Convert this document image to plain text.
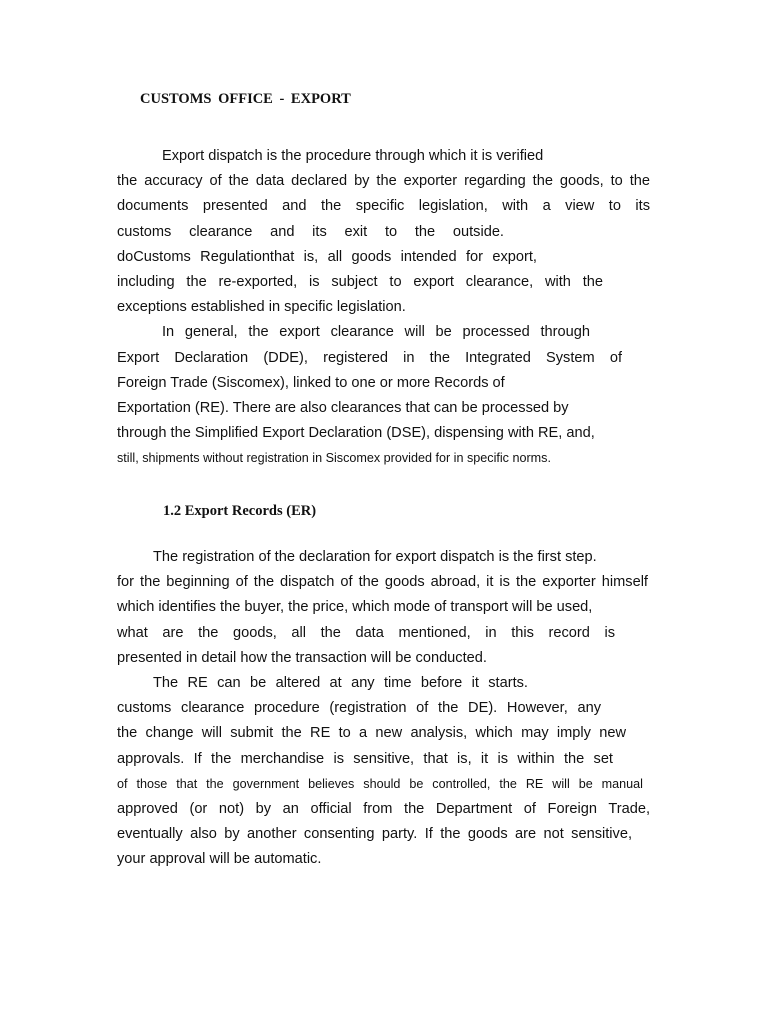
CUSTOMS OFFICE - EXPORT
Export dispatch is the procedure through which it is verified
the accuracy of the data declared by the exporter regarding the goods, to the
documents presented and the specific legislation, with a view to its
customs clearance and its exit to the outside.
doCustoms Regulationthat is, all goods intended for export,
including the re-exported, is subject to export clearance, with the
exceptions established in specific legislation.
In general, the export clearance will be processed through
Export Declaration (DDE), registered in the Integrated System of
Foreign Trade (Siscomex), linked to one or more Records of
Exportation (RE). There are also clearances that can be processed by
through the Simplified Export Declaration (DSE), dispensing with RE, and,
still, shipments without registration in Siscomex provided for in specific norms.
1.2 Export Records (ER)
The registration of the declaration for export dispatch is the first step.
for the beginning of the dispatch of the goods abroad, it is the exporter himself
which identifies the buyer, the price, which mode of transport will be used,
what are the goods, all the data mentioned, in this record is
presented in detail how the transaction will be conducted.
The RE can be altered at any time before it starts.
customs clearance procedure (registration of the DE). However, any
the change will submit the RE to a new analysis, which may imply new
approvals. If the merchandise is sensitive, that is, it is within the set
of those that the government believes should be controlled, the RE will be manual
approved (or not) by an official from the Department of Foreign Trade,
eventually also by another consenting party. If the goods are not sensitive,
your approval will be automatic.
